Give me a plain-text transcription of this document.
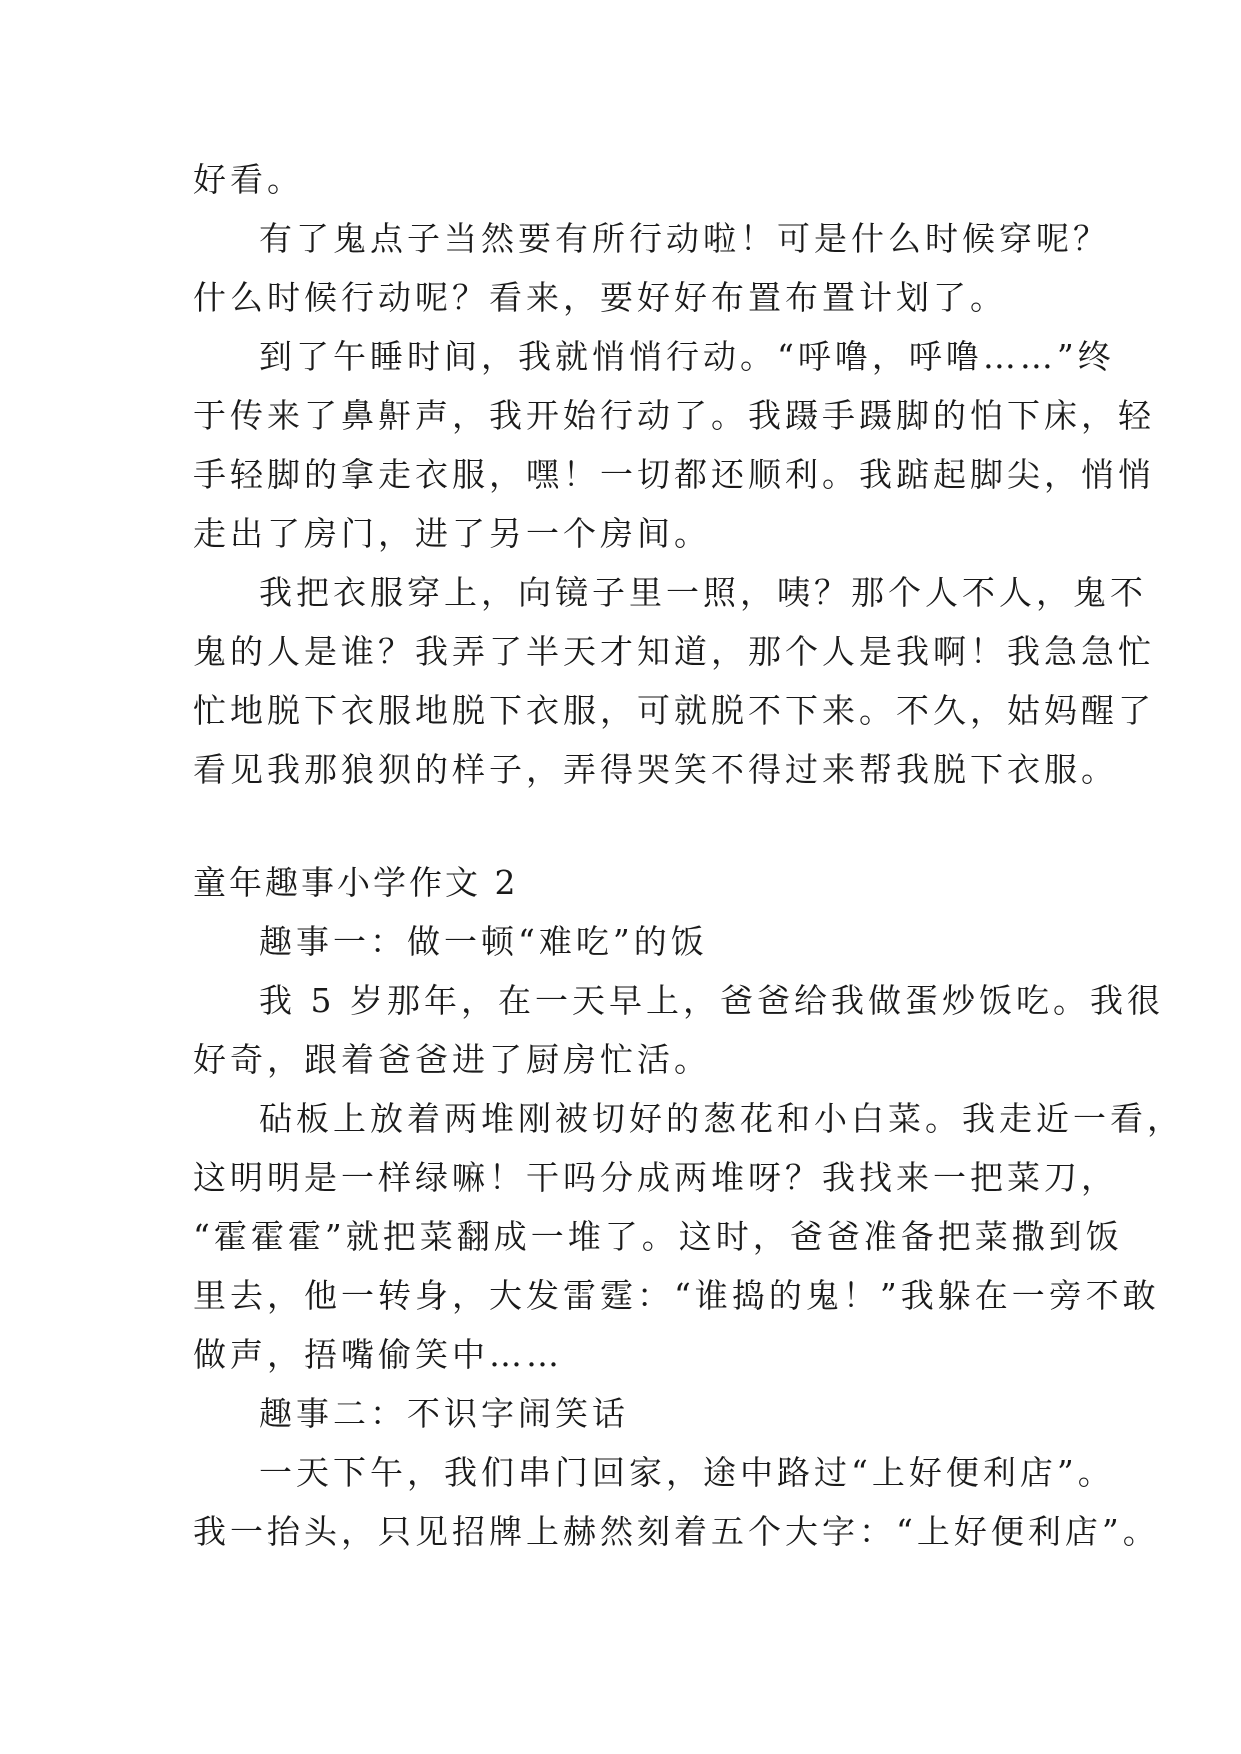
好看。
有了鬼点子当然要有所行动啦！可是什么时候穿呢？
什么时候行动呢？看来，要好好布置布置计划了。
到了午睡时间，我就悄悄行动。“呼噜，呼噜……”终
于传来了鼻鼾声，我开始行动了。我蹑手蹑脚的怕下床，轻
手轻脚的拿走衣服，嘿！一切都还顺利。我踮起脚尖，悄悄
走出了房门，进了另一个房间。
我把衣服穿上，向镜子里一照，咦？那个人不人，鬼不
鬼的人是谁？我弄了半天才知道，那个人是我啊！我急急忙
忙地脱下衣服地脱下衣服，可就脱不下来。不久，姑妈醒了
看见我那狼狈的样子，弄得哭笑不得过来帮我脱下衣服。
童年趣事小学作文 2
趣事一：做一顿“难吃”的饭
我 5 岁那年，在一天早上，爸爸给我做蛋炒饭吃。我很
好奇，跟着爸爸进了厨房忙活。
砧板上放着两堆刚被切好的葱花和小白菜。我走近一看，
这明明是一样绿嘛！干吗分成两堆呀？我找来一把菜刀，
“霍霍霍”就把菜翻成一堆了。这时，爸爸准备把菜撒到饭
里去，他一转身，大发雷霆：“谁捣的鬼！”我躲在一旁不敢
做声，捂嘴偷笑中……
趣事二：不识字闹笑话
一天下午，我们串门回家，途中路过“上好便利店”。
我一抬头，只见招牌上赫然刻着五个大字：“上好便利店”。
